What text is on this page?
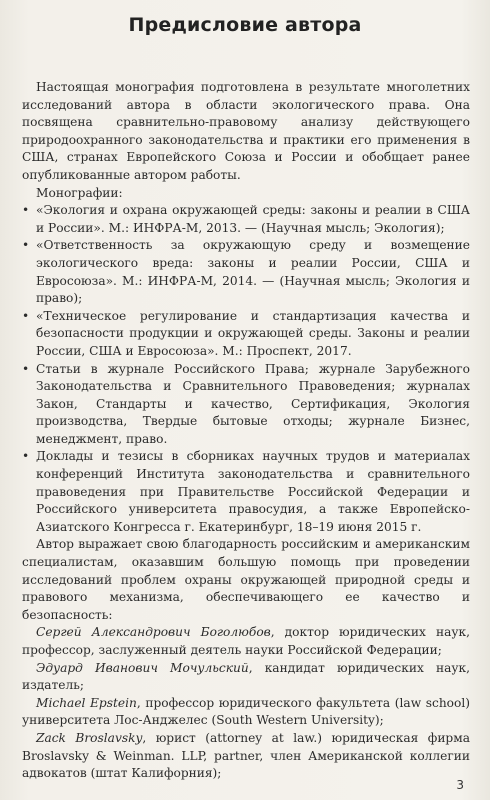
Предисловие автора

Настоящая монография подготовлена в результате многолетних исследований автора в области экологического права. Она посвящена сравнительно-правовому анализу действующего природоохранного законодательства и практики его применения в США, странах Европейского Союза и России и обобщает ранее опубликованные автором работы.

Монографии:

• «Экология и охрана окружающей среды: законы и реалии в США и России». М.: ИНФРА-М, 2013. — (Научная мысль; Экология);
• «Ответственность за окружающую среду и возмещение экологического вреда: законы и реалии России, США и Евросоюза». М.: ИНФРА-М, 2014. — (Научная мысль; Экология и право);
• «Техническое регулирование и стандартизация качества и безопасности продукции и окружающей среды. Законы и реалии России, США и Евросоюза». М.: Проспект, 2017.
• Статьи в журнале Российского Права; журнале Зарубежного Законодательства и Сравнительного Правоведения; журналах Закон, Стандарты и качество, Сертификация, Экология производства, Твердые бытовые отходы; журнале Бизнес, менеджмент, право.
• Доклады и тезисы в сборниках научных трудов и материалах конференций Института законодательства и сравнительного правоведения при Правительстве Российской Федерации и Российского университета правосудия, а также Европейско-Азиатского Конгресса г. Екатеринбург, 18–19 июня 2015 г.

Автор выражает свою благодарность российским и американским специалистам, оказавшим большую помощь при проведении исследований проблем охраны окружающей природной среды и правового механизма, обеспечивающего ее качество и безопасность:

Сергей Александрович Боголюбов, доктор юридических наук, профессор, заслуженный деятель науки Российской Федерации;

Эдуард Иванович Мочульский, кандидат юридических наук, издатель;

Michael Epstein, профессор юридического факультета (law school) университета Лос-Анджелес (South Western University);

Zack Broslavsky, юрист (attorney at law.) юридическая фирма Broslavsky & Weinman. LLP, partner, член Американской коллегии адвокатов (штат Калифорния);

3
